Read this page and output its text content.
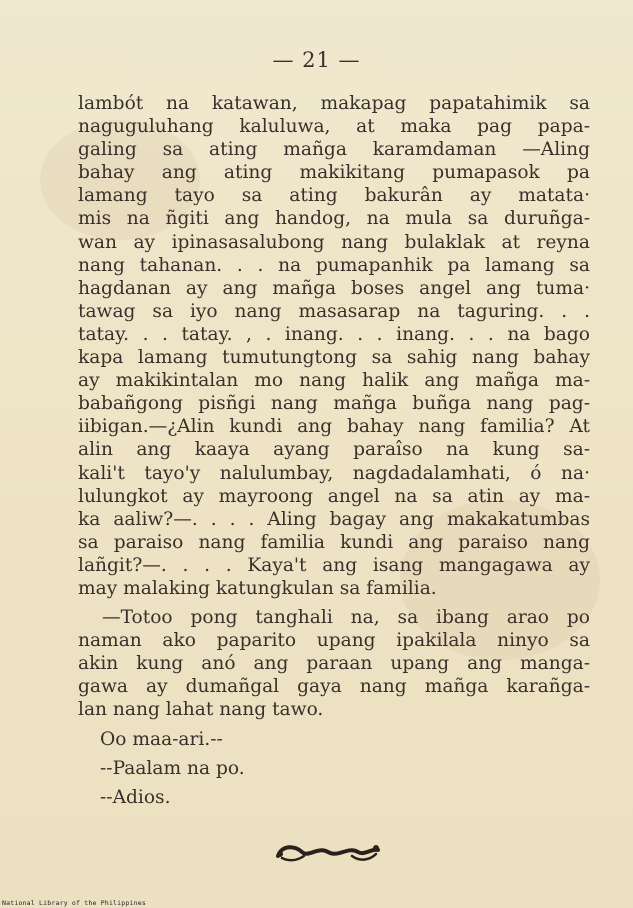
— 21 —
lambót na katawan, makapag papatahimik sa
naguguluhang kaluluwa, at maka pag papa-
galing sa ating mañga karamdaman —Aling
bahay ang ating makikitang pumapasok pa
lamang tayo sa ating bakurân ay matata·
mis na ñgiti ang handog, na mula sa duruñga-
wan ay ipinasasalubong nang bulaklak at reyna
nang tahanan. . . na pumapanhik pa lamang sa
hagdanan ay ang mañga boses angel ang tuma·
tawag sa iyo nang masasarap na taguring. . .
tatay. . . tatay. , . inang. . . inang. . . na bago
kapa lamang tumutungtong sa sahig nang bahay
ay makikintalan mo nang halik ang mañga ma-
babañgong pisñgi nang mañga buñga nang pag-
iibigan.—¿Alin kundi ang bahay nang familia? At
alin ang kaaya ayang paraîso na kung sa-
kali't tayo'y nalulumbay, nagdadalamhati, ó na·
lulungkot ay mayroong angel na sa atin ay ma-
ka aaliw?—. . . . Aling bagay ang makakatumbas
sa paraiso nang familia kundi ang paraiso nang
lañgit?—. . . . Kaya't ang isang mangagawa ay
may malaking katungkulan sa familia.
—Totoo pong tanghali na, sa ibang arao po
naman ako paparito upang ipakilala ninyo sa
akin kung anó ang paraan upang ang manga-
gawa ay dumañgal gaya nang mañga karañga-
lan nang lahat nang tawo.
Oo maa-ari.--
--Paalam na po.
--Adios.
National Library of the Philippines
